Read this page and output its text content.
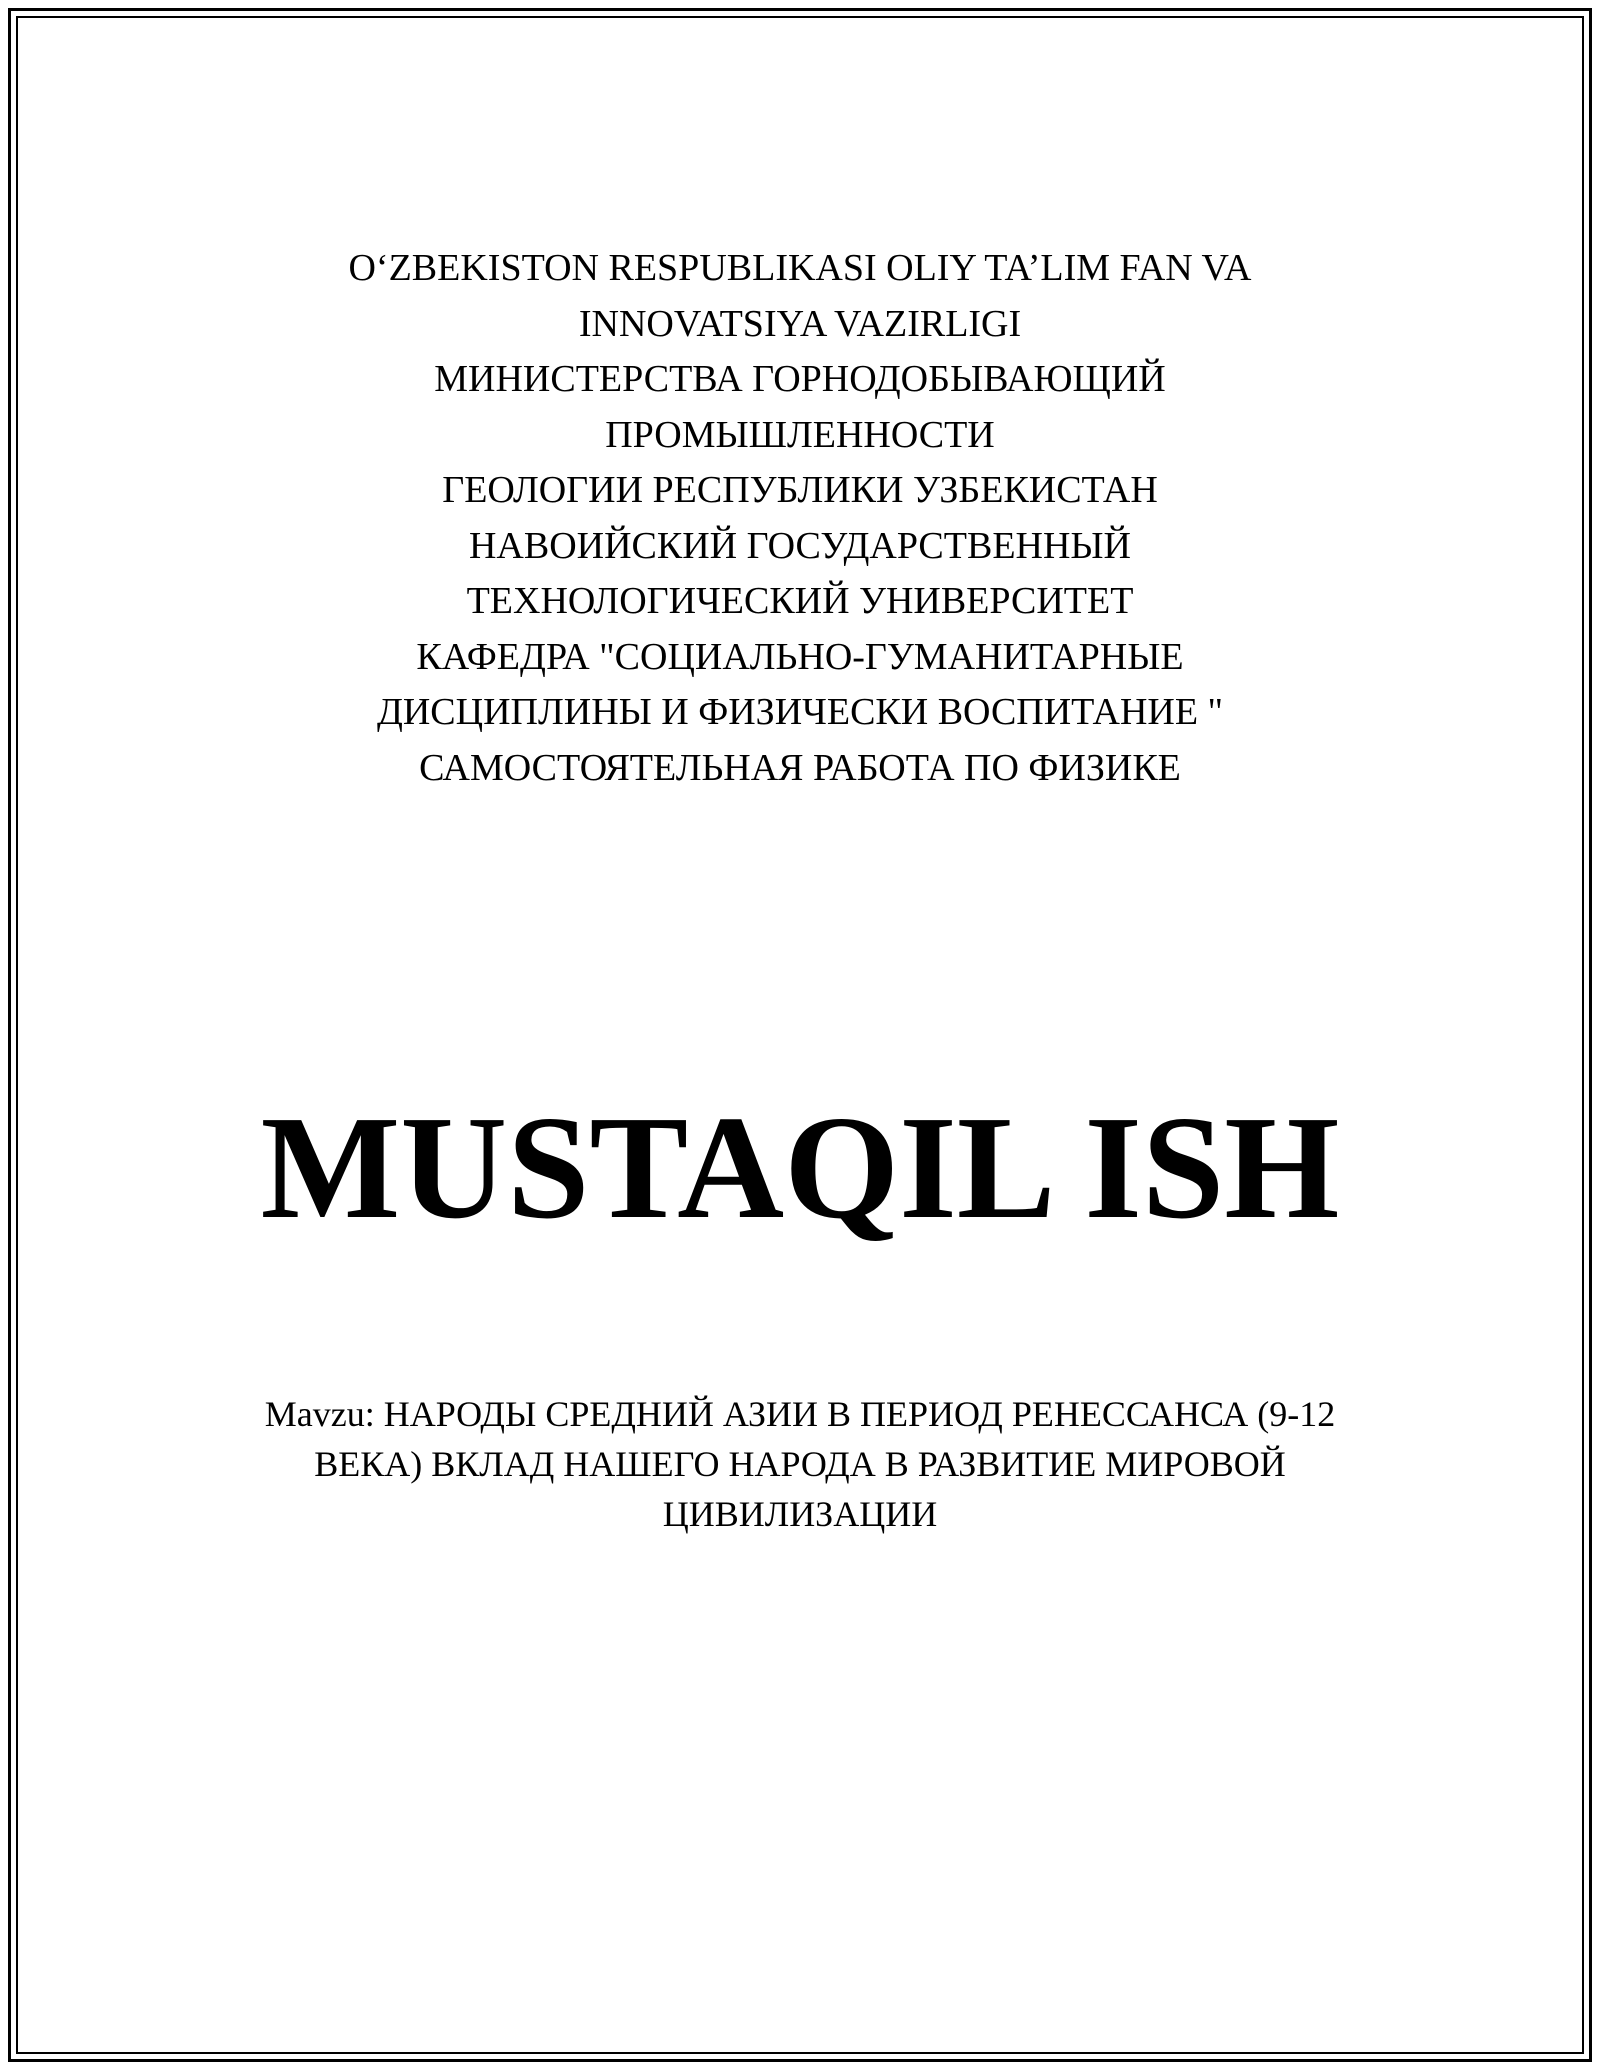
O‘ZBEKISTON RESPUBLIKASI OLIY TA’LIM FAN VA
INNOVATSIYA VAZIRLIGI
МИНИСТЕРСТВА ГОРНОДОБЫВАЮЩИЙ
ПРОМЫШЛЕННОСТИ
ГЕОЛОГИИ РЕСПУБЛИКИ УЗБЕКИСТАН
НАВОИЙСКИЙ ГОСУДАРСТВЕННЫЙ
ТЕХНОЛОГИЧЕСКИЙ УНИВЕРСИТЕТ
КАФЕДРА "СОЦИАЛЬНО-ГУМАНИТАРНЫЕ
ДИСЦИПЛИНЫ И ФИЗИЧЕСКИ ВОСПИТАНИЕ "
САМОСТОЯТЕЛЬНАЯ РАБОТА ПО ФИЗИКЕ
MUSTAQIL ISH
Mavzu: НАРОДЫ СРЕДНИЙ АЗИИ В ПЕРИОД РЕНЕССАНСА (9-12
ВЕКА) ВКЛАД НАШЕГО НАРОДА В РАЗВИТИЕ МИРОВОЙ
ЦИВИЛИЗАЦИИ
